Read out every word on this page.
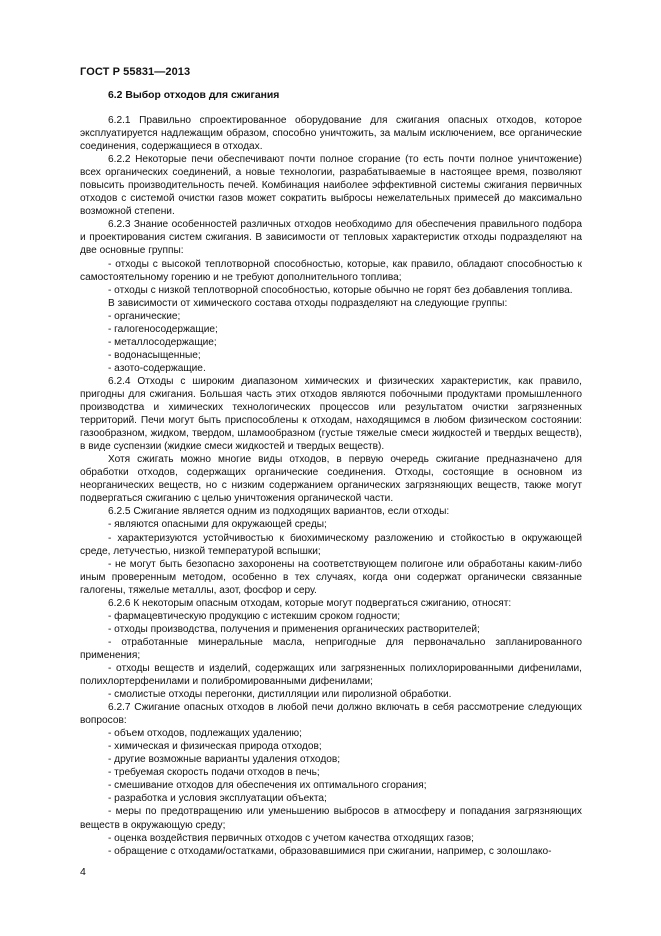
ГОСТ Р 55831—2013
6.2 Выбор отходов для сжигания

6.2.1 Правильно спроектированное оборудование для сжигания опасных отходов, которое эксплуатируется надлежащим образом, способно уничтожить, за малым исключением, все органические соединения, содержащиеся в отходах.

6.2.2 Некоторые печи обеспечивают почти полное сгорание (то есть почти полное уничтожение) всех органических соединений, а новые технологии, разрабатываемые в настоящее время, позволяют повысить производительность печей. Комбинация наиболее эффективной системы сжигания первичных отходов с системой очистки газов может сократить выбросы нежелательных примесей до максимально возможной степени.

6.2.3 Знание особенностей различных отходов необходимо для обеспечения правильного подбора и проектирования систем сжигания. В зависимости от тепловых характеристик отходы подразделяют на две основные группы:

- отходы с высокой теплотворной способностью, которые, как правило, обладают способностью к самостоятельному горению и не требуют дополнительного топлива;

- отходы с низкой теплотворной способностью, которые обычно не горят без добавления топлива.

В зависимости от химического состава отходы подразделяют на следующие группы:

- органические;

- галогеносодержащие;

- металлосодержащие;

- водонасыщенные;

- азото-содержащие.

6.2.4 Отходы с широким диапазоном химических и физических характеристик, как правило, пригодны для сжигания. Большая часть этих отходов являются побочными продуктами промышленного производства и химических технологических процессов или результатом очистки загрязненных территорий. Печи могут быть приспособлены к отходам, находящимся в любом физическом состоянии: газообразном, жидком, твердом, шламообразном (густые тяжелые смеси жидкостей и твердых веществ), в виде суспензии (жидкие смеси жидкостей и твердых веществ).

Хотя сжигать можно многие виды отходов, в первую очередь сжигание предназначено для обработки отходов, содержащих органические соединения. Отходы, состоящие в основном из неорганических веществ, но с низким содержанием органических загрязняющих веществ, также могут подвергаться сжиганию с целью уничтожения органической части.

6.2.5 Сжигание является одним из подходящих вариантов, если отходы:

- являются опасными для окружающей среды;

- характеризуются устойчивостью к биохимическому разложению и стойкостью в окружающей среде, летучестью, низкой температурой вспышки;

- не могут быть безопасно захоронены на соответствующем полигоне или обработаны каким-либо иным проверенным методом, особенно в тех случаях, когда они содержат органически связанные галогены, тяжелые металлы, азот, фосфор и серу.

6.2.6 К некоторым опасным отходам, которые могут подвергаться сжиганию, относят:

- фармацевтическую продукцию с истекшим сроком годности;

- отходы производства, получения и применения органических растворителей;

- отработанные минеральные масла, непригодные для первоначально запланированного применения;

- отходы веществ и изделий, содержащих или загрязненных полихлорированными дифенилами, полихлортерфенилами и полибромированными дифенилами;

- смолистые отходы перегонки, дистилляции или пиролизной обработки.

6.2.7 Сжигание опасных отходов в любой печи должно включать в себя рассмотрение следующих вопросов:

- объем отходов, подлежащих удалению;

- химическая и физическая природа отходов;

- другие возможные варианты удаления отходов;

- требуемая скорость подачи отходов в печь;

- смешивание отходов для обеспечения их оптимального сгорания;

- разработка и условия эксплуатации объекта;

- меры по предотвращению или уменьшению выбросов в атмосферу и попадания загрязняющих веществ в окружающую среду;

- оценка воздействия первичных отходов с учетом качества отходящих газов;

- обращение с отходами/остатками, образовавшимися при сжигании, например, с золошлако-

4
